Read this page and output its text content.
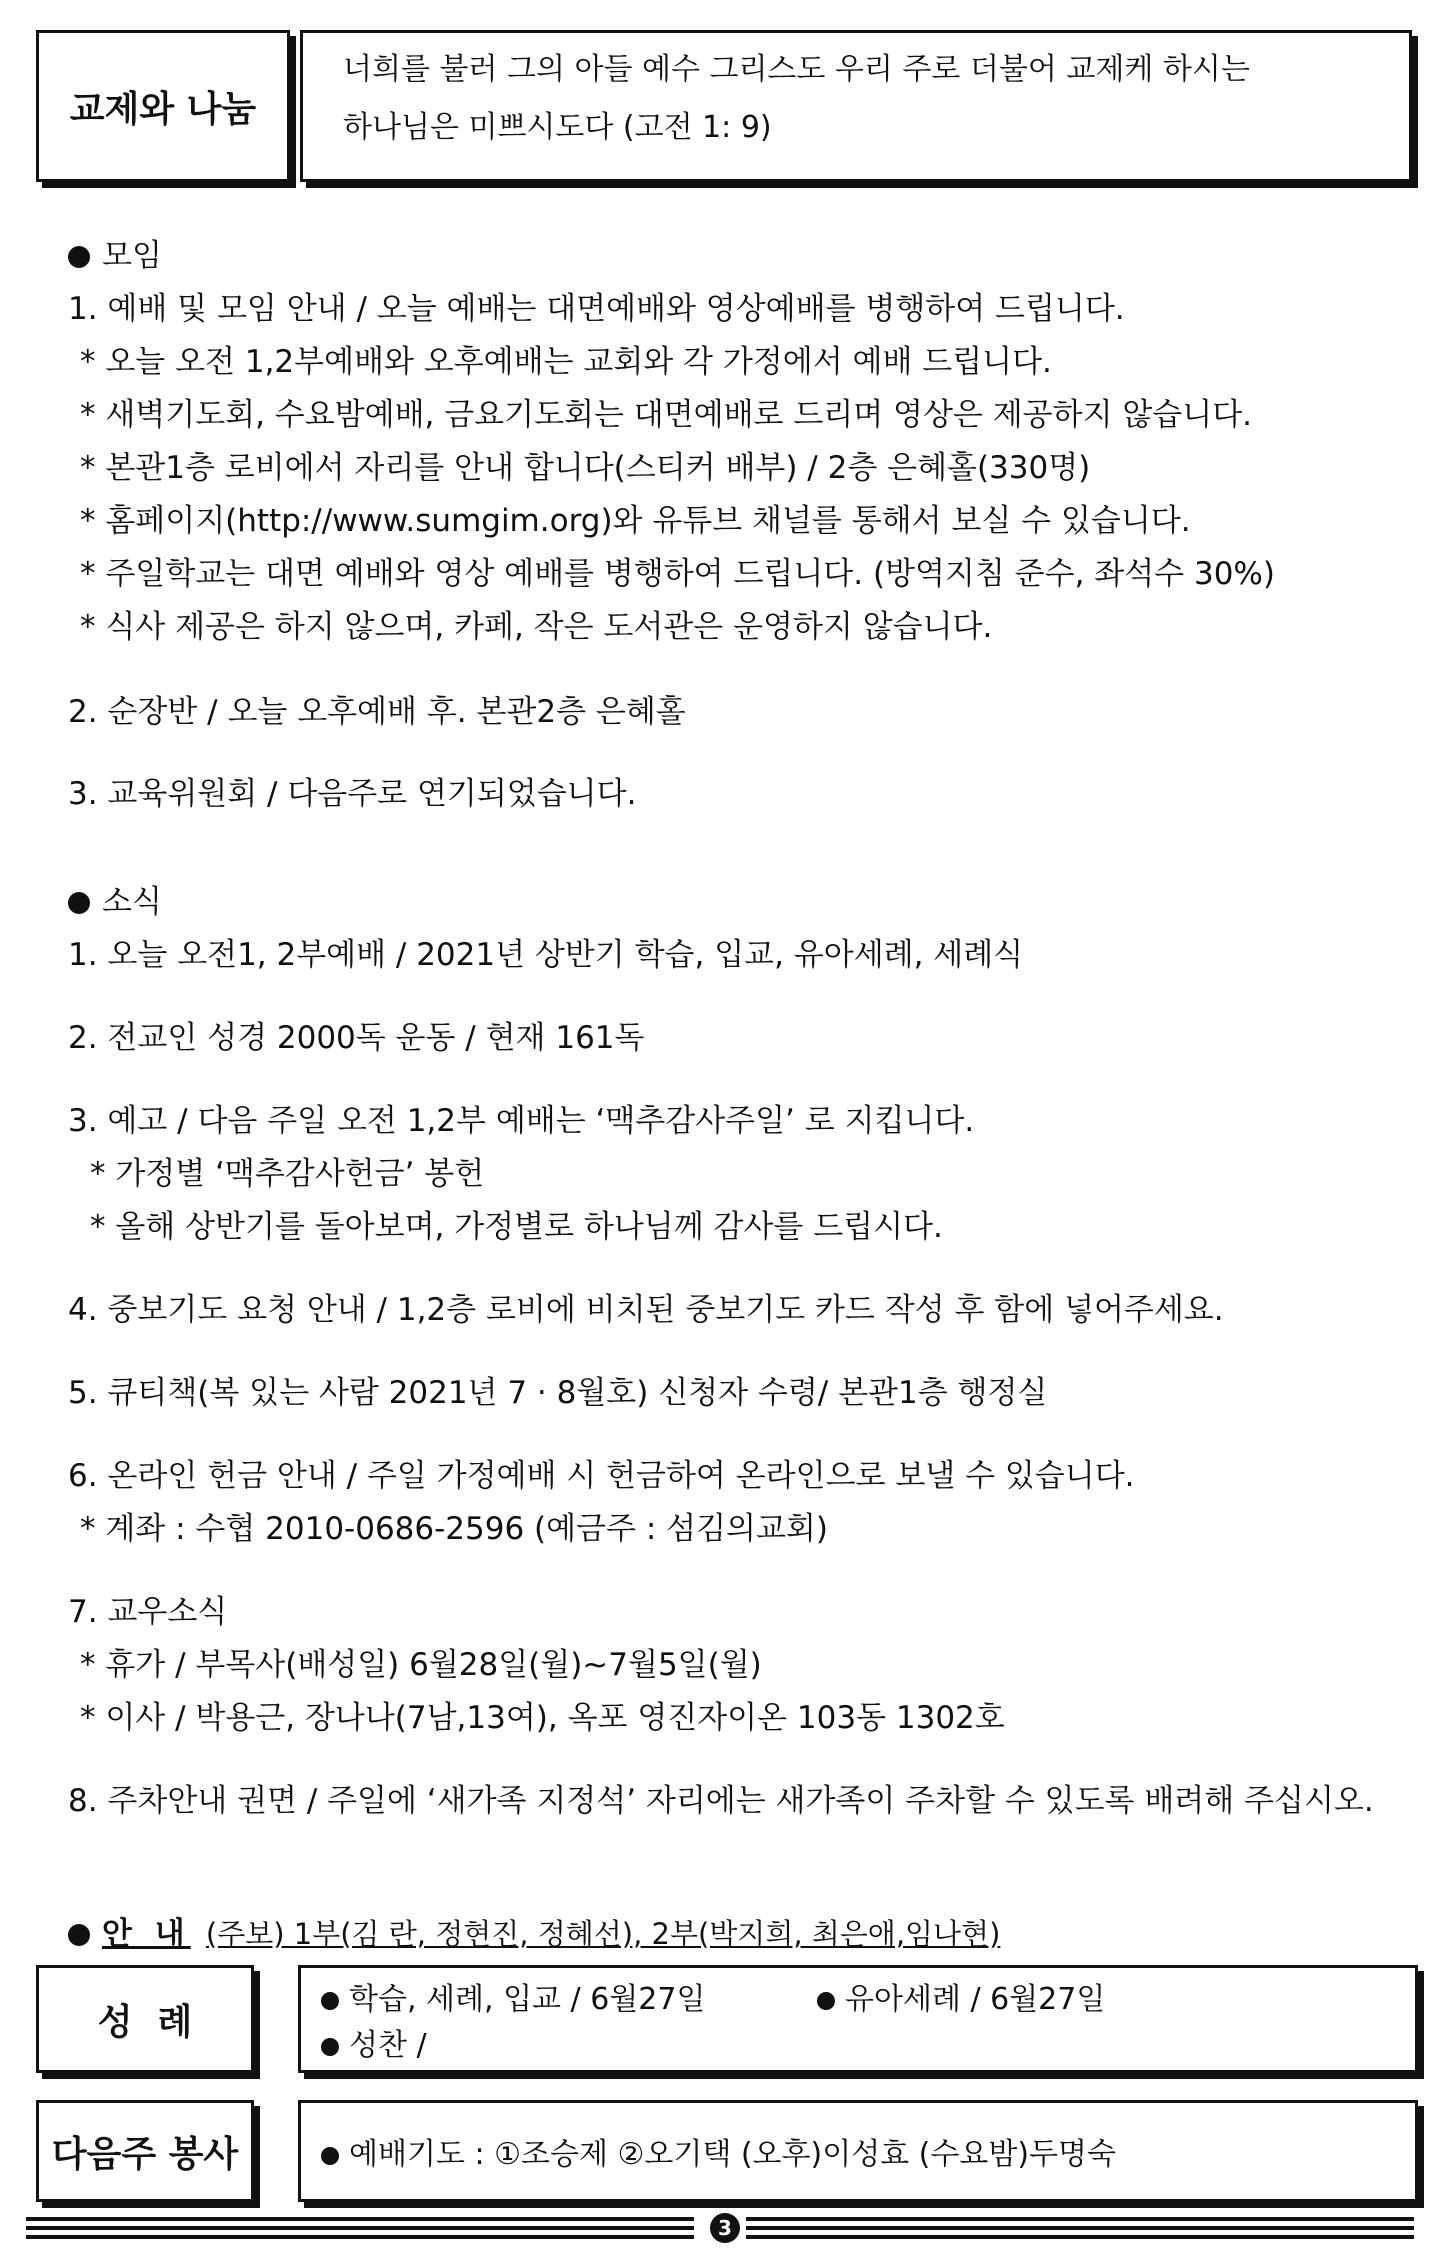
교제와 나눔
너희를 불러 그의 아들 예수 그리스도 우리 주로 더불어 교제케 하시는
하나님은 미쁘시도다 (고전 1: 9)
모임
1. 예배 및 모임 안내 / 오늘 예배는 대면예배와 영상예배를 병행하여 드립니다.
* 오늘 오전 1,2부예배와 오후예배는 교회와 각 가정에서 예배 드립니다.
* 새벽기도회, 수요밤예배, 금요기도회는 대면예배로 드리며 영상은 제공하지 않습니다.
* 본관1층 로비에서 자리를 안내 합니다(스티커 배부) / 2층 은혜홀(330명)
* 홈페이지(http://www.sumgim.org)와 유튜브 채널를 통해서 보실 수 있습니다.
* 주일학교는 대면 예배와 영상 예배를 병행하여 드립니다. (방역지침 준수, 좌석수 30%)
* 식사 제공은 하지 않으며, 카페, 작은 도서관은 운영하지 않습니다.
2. 순장반 / 오늘 오후예배 후. 본관2층 은혜홀
3. 교육위원회 / 다음주로 연기되었습니다.
소식
1. 오늘 오전1, 2부예배 / 2021년 상반기 학습, 입교, 유아세례, 세례식
2. 전교인 성경 2000독 운동 / 현재 161독
3. 예고 / 다음 주일 오전 1,2부 예배는 ‘맥추감사주일’ 로 지킵니다.
* 가정별 ‘맥추감사헌금’ 봉헌
* 올해 상반기를 돌아보며, 가정별로 하나님께 감사를 드립시다.
4. 중보기도 요청 안내 / 1,2층 로비에 비치된 중보기도 카드 작성 후 함에 넣어주세요.
5. 큐티책(복 있는 사람 2021년 7 · 8월호) 신청자 수령/ 본관1층 행정실
6. 온라인 헌금 안내 / 주일 가정예배 시 헌금하여 온라인으로 보낼 수 있습니다.
* 계좌 : 수협 2010-0686-2596 (예금주 : 섬김의교회)
7. 교우소식
* 휴가 / 부목사(배성일) 6월28일(월)~7월5일(월)
* 이사 / 박용근, 장나나(7남,13여), 옥포 영진자이온 103동 1302호
8. 주차안내 권면 / 주일에 ‘새가족 지정석’ 자리에는 새가족이 주차할 수 있도록 배려해 주십시오.
안 내 (주보) 1부(김 란, 정현진, 정혜선), 2부(박지희, 최은애,임나현)
성  례
학습, 세례, 입교 / 6월27일	유아세례 / 6월27일
성찬 /
다음주 봉사	예배기도 : ①조승제 ②오기택 (오후)이성효 (수요밤)두명숙
3
